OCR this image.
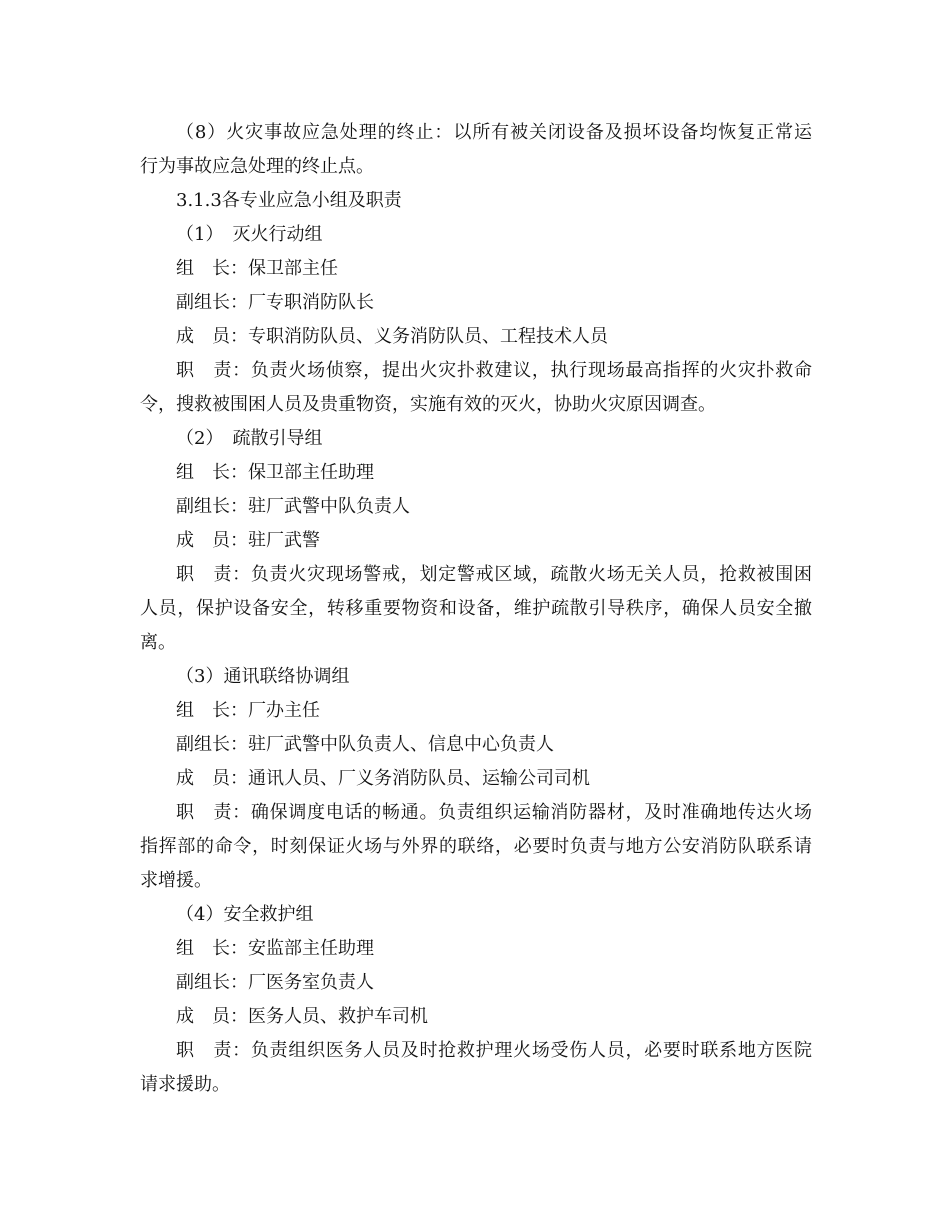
（8）火灾事故应急处理的终止：以所有被关闭设备及损坏设备均恢复正常运
行为事故应急处理的终止点。
3.1.3各专业应急小组及职责
（1）　灭火行动组
组　长：保卫部主任
副组长：厂专职消防队长
成　员：专职消防队员、义务消防队员、工程技术人员
职　责：负责火场侦察，提出火灾扑救建议，执行现场最高指挥的火灾扑救命
令，搜救被围困人员及贵重物资，实施有效的灭火，协助火灾原因调查。
（2）　疏散引导组
组　长：保卫部主任助理
副组长：驻厂武警中队负责人
成　员：驻厂武警
职　责：负责火灾现场警戒，划定警戒区域，疏散火场无关人员，抢救被围困
人员，保护设备安全，转移重要物资和设备，维护疏散引导秩序，确保人员安全撤
离。
（3）通讯联络协调组
组　长：厂办主任
副组长：驻厂武警中队负责人、信息中心负责人
成　员：通讯人员、厂义务消防队员、运输公司司机
职　责：确保调度电话的畅通。负责组织运输消防器材，及时准确地传达火场
指挥部的命令，时刻保证火场与外界的联络，必要时负责与地方公安消防队联系请
求增援。
（4）安全救护组
组　长：安监部主任助理
副组长：厂医务室负责人
成　员：医务人员、救护车司机
职　责：负责组织医务人员及时抢救护理火场受伤人员，必要时联系地方医院
请求援助。
